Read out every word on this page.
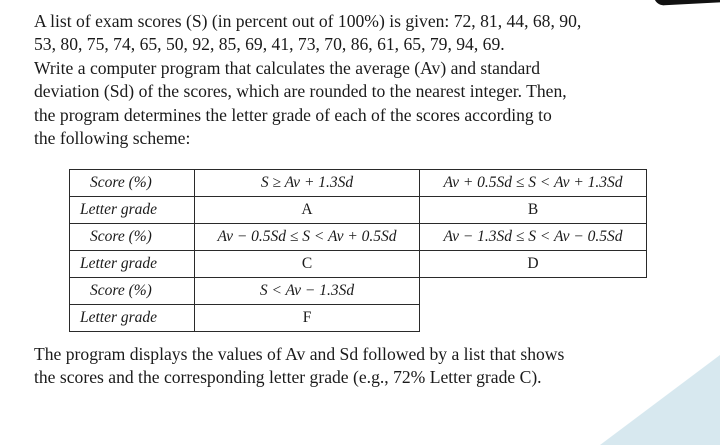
A list of exam scores (S) (in percent out of 100%) is given: 72, 81, 44, 68, 90,
53, 80, 75, 74, 65, 50, 92, 85, 69, 41, 73, 70, 86, 61, 65, 79, 94, 69.
Write a computer program that calculates the average (Av) and standard
deviation (Sd) of the scores, which are rounded to the nearest integer. Then,
the program determines the letter grade of each of the scores according to
the following scheme:

Score (%)	S ≥ Av + 1.3Sd	Av + 0.5Sd ≤ S < Av + 1.3Sd
Letter grade	A	B
Score (%)	Av − 0.5Sd ≤ S < Av + 0.5Sd	Av − 1.3Sd ≤ S < Av − 0.5Sd
Letter grade	C	D
Score (%)	S < Av − 1.3Sd	
Letter grade	F	

The program displays the values of Av and Sd followed by a list that shows
the scores and the corresponding letter grade (e.g., 72% Letter grade C).
